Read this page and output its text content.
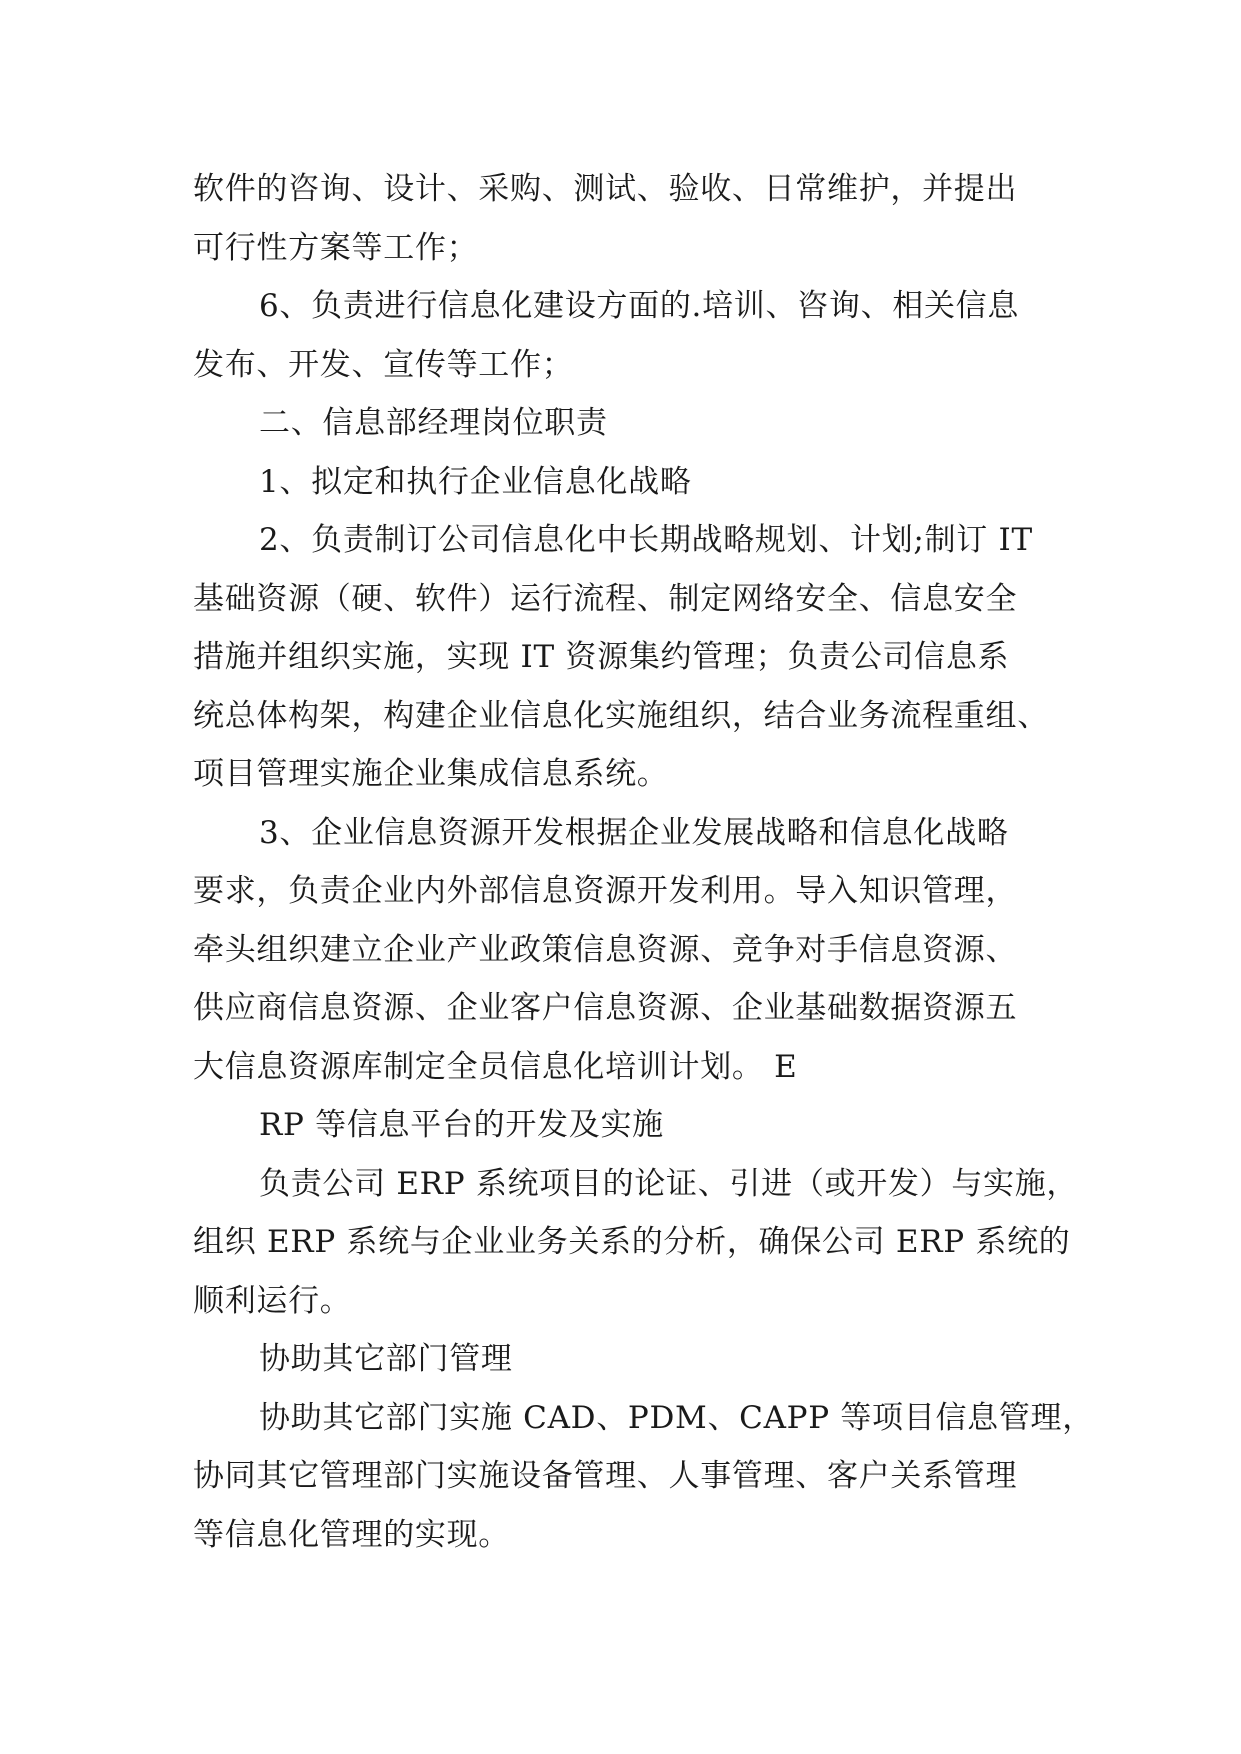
软件的咨询、设计、采购、测试、验收、日常维护，并提出
可行性方案等工作；
6、负责进行信息化建设方面的.培训、咨询、相关信息
发布、开发、宣传等工作；
二、信息部经理岗位职责
1、拟定和执行企业信息化战略
2、负责制订公司信息化中长期战略规划、计划;制订 IT
基础资源（硬、软件）运行流程、制定网络安全、信息安全
措施并组织实施，实现 IT 资源集约管理；负责公司信息系
统总体构架，构建企业信息化实施组织，结合业务流程重组、
项目管理实施企业集成信息系统。
3、企业信息资源开发根据企业发展战略和信息化战略
要求，负责企业内外部信息资源开发利用。导入知识管理，
牵头组织建立企业产业政策信息资源、竞争对手信息资源、
供应商信息资源、企业客户信息资源、企业基础数据资源五
大信息资源库制定全员信息化培训计划。 E
RP 等信息平台的开发及实施
负责公司 ERP 系统项目的论证、引进（或开发）与实施，
组织 ERP 系统与企业业务关系的分析，确保公司 ERP 系统的
顺利运行。
协助其它部门管理
协助其它部门实施 CAD、PDM、CAPP 等项目信息管理，
协同其它管理部门实施设备管理、人事管理、客户关系管理
等信息化管理的实现。
